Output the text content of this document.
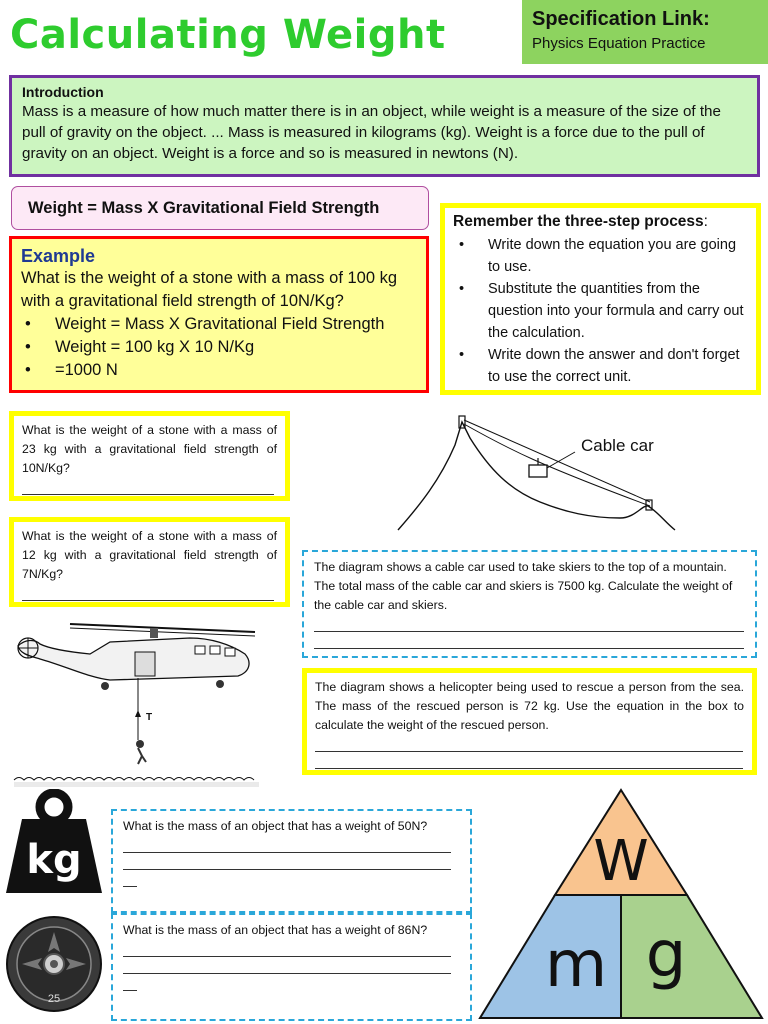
Calculating Weight	Specification Link:
Physics Equation Practice
Introduction
Mass is a measure of how much matter there is in an object, while weight is a measure of the size of the pull of gravity on the object. ... Mass is measured in kilograms (kg). Weight is a force due to the pull of gravity on an object. Weight is a force and so is measured in newtons (N).
Weight = Mass X Gravitational Field Strength
Remember the three-step process:
• Write down the equation you are going to use.
• Substitute the quantities from the question into your formula and carry out the calculation.
• Write down the answer and don't forget to use the correct unit.
Example
What is the weight of a stone with a mass of 100 kg with a gravitational field strength of 10N/Kg?
• Weight = Mass X Gravitational Field Strength
• Weight = 100 kg X 10 N/Kg
• =1000 N
What is the weight of a stone with a mass of 23 kg with a gravitational field strength of 10N/Kg?
What is the weight of a stone with a mass of 12 kg with a gravitational field strength of 7N/Kg?
Cable car
The diagram shows a cable car used to take skiers to the top of a mountain. The total mass of the cable car and skiers is 7500 kg. Calculate the weight of the cable car and skiers.
The diagram shows a helicopter being used to rescue a person from the sea. The mass of the rescued person is 72 kg. Use the equation in the box to calculate the weight of the rescued person.
T
kg
25
What is the mass of an object that has a weight of 50N?
What is the mass of an object that has a weight of 86N?
W
m g
